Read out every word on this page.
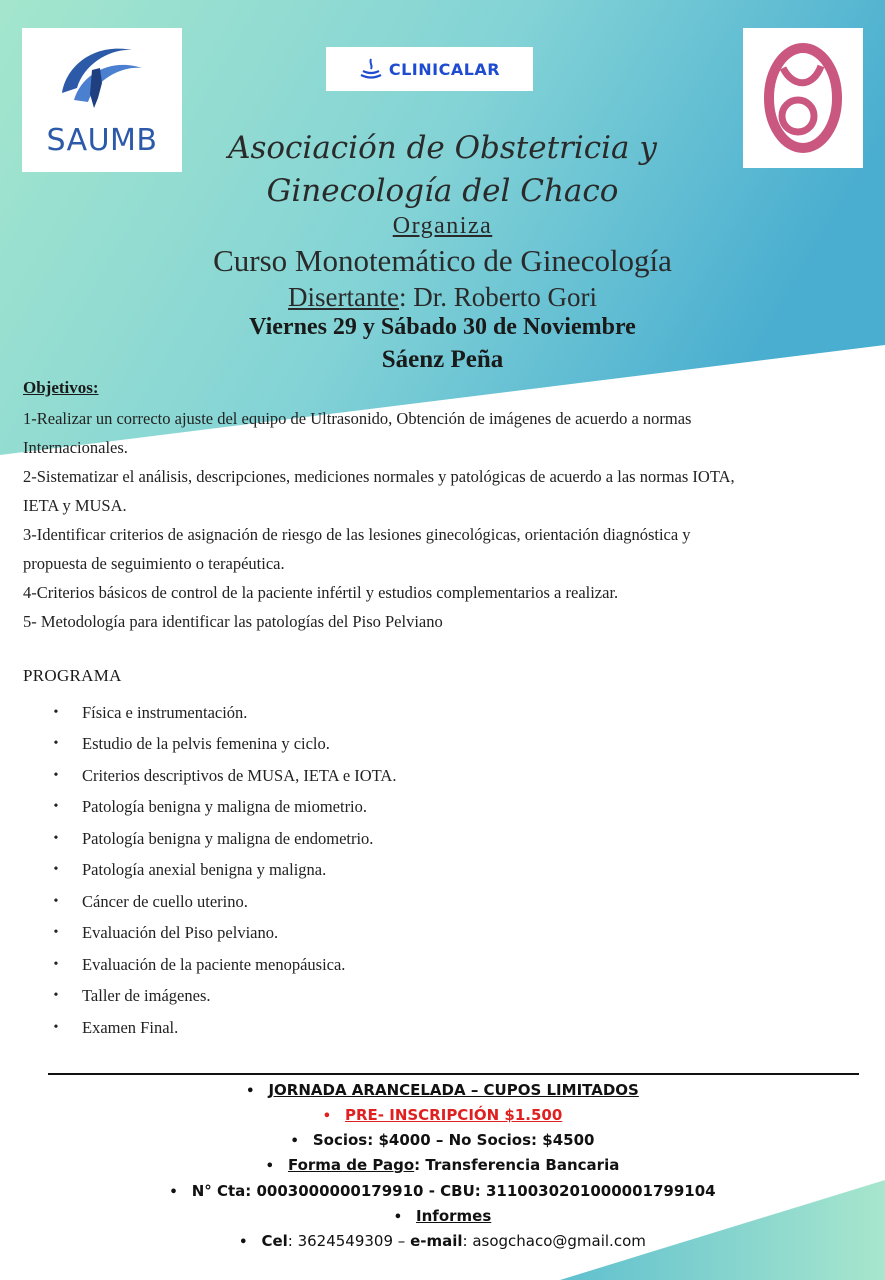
SAUMB
CLINICALAR
Asociación de Obstetricia y
Ginecología del Chaco
Organiza
Curso Monotemático de Ginecología
Disertante: Dr. Roberto Gori
Viernes 29 y Sábado 30 de Noviembre
Sáenz Peña
Objetivos:

1-Realizar un correcto ajuste del equipo de Ultrasonido, Obtención de imágenes de acuerdo a normas

Internacionales.

2-Sistematizar el análisis, descripciones, mediciones normales y patológicas de acuerdo a las normas IOTA,

IETA y MUSA.

3-Identificar criterios de asignación de riesgo de las lesiones ginecológicas, orientación diagnóstica y

propuesta de seguimiento o terapéutica.

4-Criterios básicos de control de la paciente infértil y estudios complementarios a realizar.

5- Metodología para identificar las patologías del Piso Pelviano

PROGRAMA
•	Física e instrumentación.
•	Estudio de la pelvis femenina y ciclo.
•	Criterios descriptivos de MUSA, IETA e IOTA.
•	Patología benigna y maligna de miometrio.
•	Patología benigna y maligna de endometrio.
•	Patología anexial benigna y maligna.
•	Cáncer de cuello uterino.
•	Evaluación del Piso pelviano.
•	Evaluación de la paciente menopáusica.
•	Taller de imágenes.
•	Examen Final.
• JORNADA ARANCELADA – CUPOS LIMITADOS
• PRE- INSCRIPCIÓN $1.500
• Socios: $4000 – No Socios: $4500
• Forma de Pago: Transferencia Bancaria
• N° Cta: 0003000000179910 - CBU: 3110030201000001799104
• Informes
• Cel: 3624549309 – e-mail: asogchaco@gmail.com
